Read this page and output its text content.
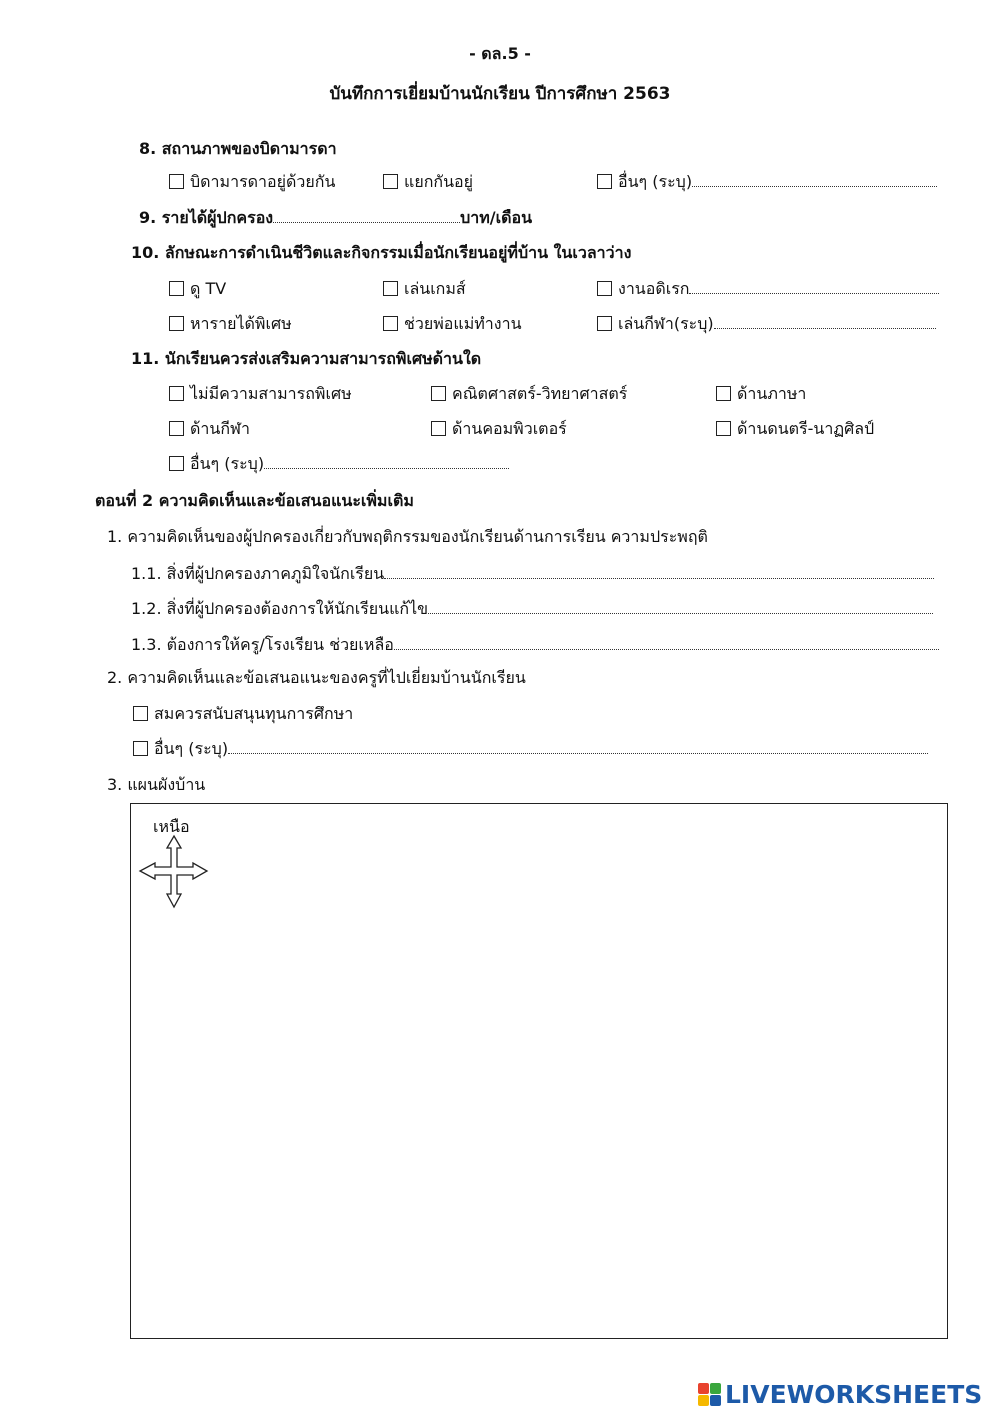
- ดล.5 -
บันทึกการเยี่ยมบ้านนักเรียน ปีการศึกษา 2563
8. สถานภาพของบิดามารดา
บิดามารดาอยู่ด้วยกัน	แยกกันอยู่	อื่นๆ (ระบุ)
9. รายได้ผู้ปกครอง	บาท/เดือน
10. ลักษณะการดำเนินชีวิตและกิจกรรมเมื่อนักเรียนอยู่ที่บ้าน ในเวลาว่าง
ดู TV	เล่นเกมส์	งานอดิเรก
หารายได้พิเศษ	ช่วยพ่อแม่ทำงาน	เล่นกีฬา(ระบุ)
11. นักเรียนควรส่งเสริมความสามารถพิเศษด้านใด
ไม่มีความสามารถพิเศษ	คณิตศาสตร์-วิทยาศาสตร์	ด้านภาษา
ด้านกีฬา	ด้านคอมพิวเตอร์	ด้านดนตรี-นาฏศิลป์
อื่นๆ (ระบุ)
ตอนที่ 2 ความคิดเห็นและข้อเสนอแนะเพิ่มเติม
1. ความคิดเห็นของผู้ปกครองเกี่ยวกับพฤติกรรมของนักเรียนด้านการเรียน ความประพฤติ
1.1. สิ่งที่ผู้ปกครองภาคภูมิใจนักเรียน
1.2. สิ่งที่ผู้ปกครองต้องการให้นักเรียนแก้ไข
1.3. ต้องการให้ครู/โรงเรียน ช่วยเหลือ
2. ความคิดเห็นและข้อเสนอแนะของครูที่ไปเยี่ยมบ้านนักเรียน
สมควรสนับสนุนทุนการศึกษา
อื่นๆ (ระบุ)
3. แผนผังบ้าน
เหนือ
LIVEWORKSHEETS
